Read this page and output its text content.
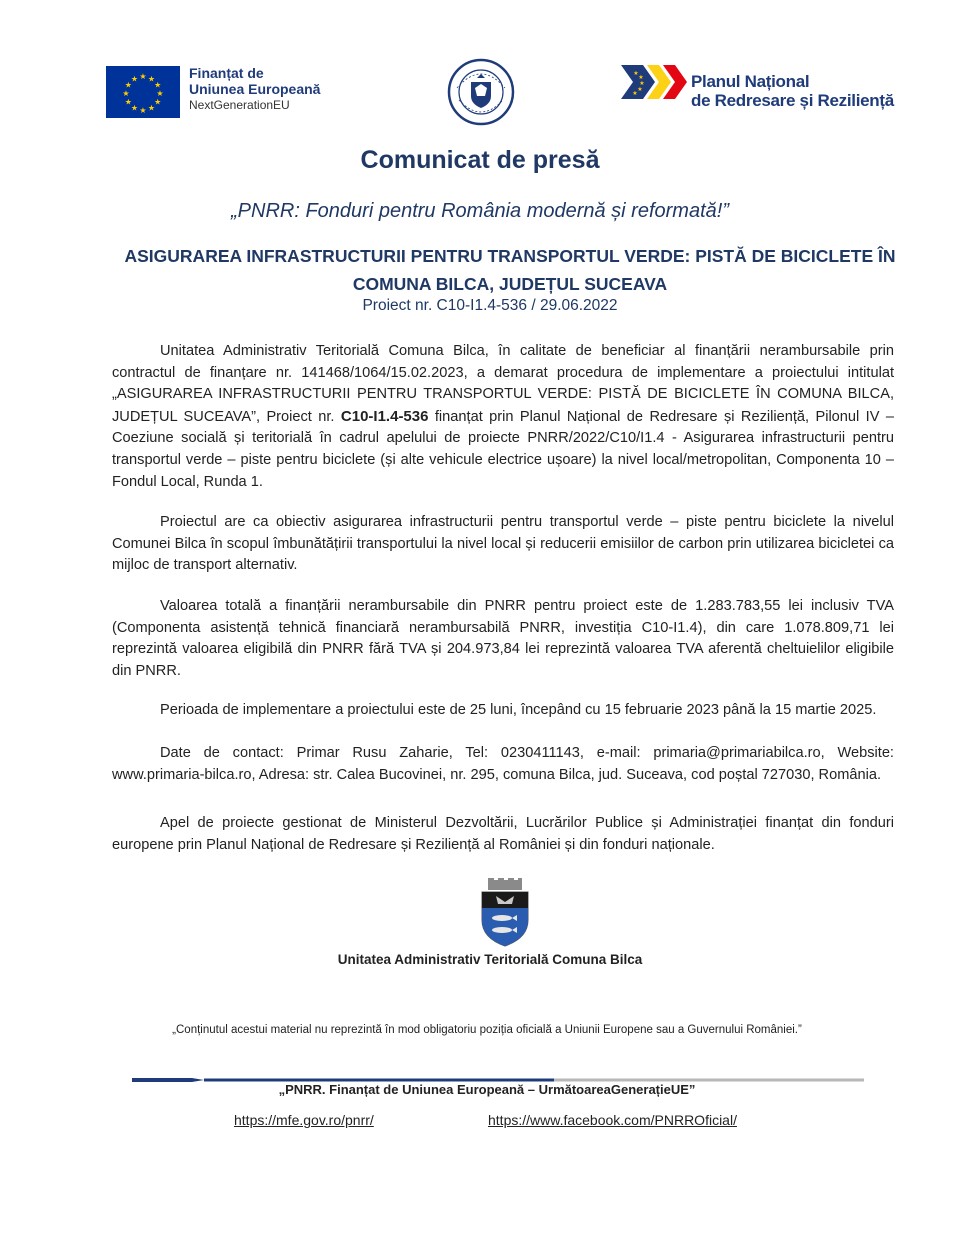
★ ★
★
★
★
★
★
★
★
★
★
★	Finanțat de
Uniunea Europeană
NextGenerationEU
★
★
★
★
★
Planul Național
de Redresare și Reziliență
Comunicat de presă
„PNRR: Fonduri pentru România modernă și reformată!”
ASIGURAREA INFRASTRUCTURII PENTRU TRANSPORTUL VERDE: PISTĂ DE BICICLETE ÎN COMUNA BILCA, JUDEȚUL SUCEAVA
Proiect nr. C10-I1.4-536 / 29.06.2022

Unitatea Administrativ Teritorială Comuna Bilca, în calitate de beneficiar al finanțării nerambursabile prin contractul de finanțare nr. 141468/1064/15.02.2023, a demarat procedura de implementare a proiectului intitulat „ASIGURAREA INFRASTRUCTURII PENTRU TRANSPORTUL VERDE: PISTĂ DE BICICLETE ÎN COMUNA BILCA, JUDEȚUL SUCEAVA”, Proiect nr. C10-I1.4-536 finanțat prin Planul Național de Redresare și Reziliență, Pilonul IV – Coeziune socială și teritorială în cadrul apelului de proiecte PNRR/2022/C10/I1.4 - Asigurarea infrastructurii pentru transportul verde – piste pentru biciclete (și alte vehicule electrice ușoare) la nivel local/metropolitan, Componenta 10 – Fondul Local, Runda 1.

Proiectul are ca obiectiv asigurarea infrastructurii pentru transportul verde – piste pentru biciclete la nivelul Comunei Bilca în scopul îmbunătățirii transportului la nivel local și reducerii emisiilor de carbon prin utilizarea bicicletei ca mijloc de transport alternativ.

Valoarea totală a finanțării nerambursabile din PNRR pentru proiect este de 1.283.783,55 lei inclusiv TVA (Componenta asistență tehnică financiară nerambursabilă PNRR, investiția C10-I1.4), din care 1.078.809,71 lei reprezintă valoarea eligibilă din PNRR fără TVA și 204.973,84 lei reprezintă valoarea TVA aferentă cheltuielilor eligibile din PNRR.

Perioada de implementare a proiectului este de 25 luni, începând cu 15 februarie 2023 până la 15 martie 2025.

Date de contact: Primar Rusu Zaharie, Tel: 0230411143, e-mail: primaria@primariabilca.ro, Website: www.primaria-bilca.ro, Adresa: str. Calea Bucovinei, nr. 295, comuna Bilca, jud. Suceava, cod poștal 727030, România.

Apel de proiecte gestionat de Ministerul Dezvoltării, Lucrărilor Publice și Administrației finanțat din fonduri europene prin Planul Național de Redresare și Reziliență al României și din fonduri naționale.

Unitatea Administrativ Teritorială Comuna Bilca
„Conținutul acestui material nu reprezintă în mod obligatoriu poziția oficială a Uniunii Europene sau a Guvernului României.”
„PNRR. Finanțat de Uniunea Europeană – UrmătoareaGenerațieUE”
https://mfe.gov.ro/pnrr/	https://www.facebook.com/PNRROficial/
